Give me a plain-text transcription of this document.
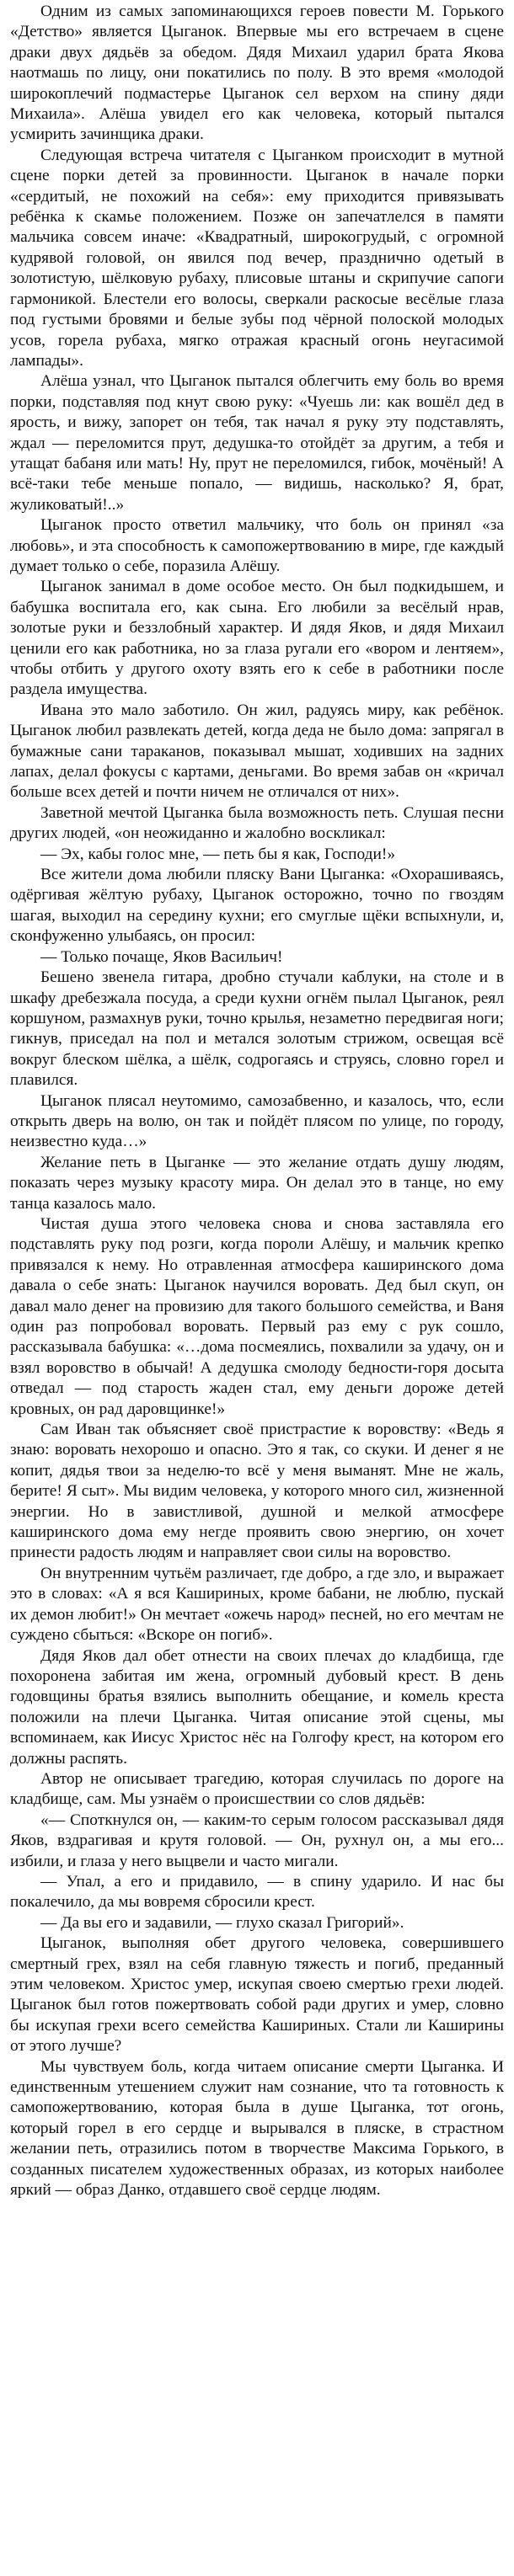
Одним из самых запоминающихся героев повести М. Горького «Детство» является Цыганок. Впервые мы его встречаем в сцене драки двух дядьёв за обедом. Дядя Михаил ударил брата Якова наотмашь по лицу, они покатились по полу. В это время «молодой широкоплечий подмастерье Цыганок сел верхом на спину дяди Михаила». Алёша увидел его как человека, который пытался усмирить зачинщика драки.

Следующая встреча читателя с Цыганком происходит в мутной сцене порки детей за провинности. Цыганок в начале порки «сердитый, не похожий на себя»: ему приходится привязывать ребёнка к скамье положением. Позже он запечатлелся в памяти мальчика совсем иначе: «Квадратный, широкогрудый, с огромной кудрявой головой, он явился под вечер, празднично одетый в золотистую, шёлковую рубаху, плисовые штаны и скрипучие сапоги гармоникой. Блестели его волосы, сверкали раскосые весёлые глаза под густыми бровями и белые зубы под чёрной полоской молодых усов, горела рубаха, мягко отражая красный огонь неугасимой лампады».

Алёша узнал, что Цыганок пытался облегчить ему боль во время порки, подставляя под кнут свою руку: «Чуешь ли: как вошёл дед в ярость, и вижу, запорет он тебя, так начал я руку эту подставлять, ждал — переломится прут, дедушка-то отойдёт за другим, а тебя и утащат бабаня или мать! Ну, прут не переломился, гибок, мочёный! А всё-таки тебе меньше попало, — видишь, насколько? Я, брат, жуликоватый!..»

Цыганок просто ответил мальчику, что боль он принял «за любовь», и эта способность к самопожертвованию в мире, где каждый думает только о себе, поразила Алёшу.

Цыганок занимал в доме особое место. Он был подкидышем, и бабушка воспитала его, как сына. Его любили за весёлый нрав, золотые руки и беззлобный характер. И дядя Яков, и дядя Михаил ценили его как работника, но за глаза ругали его «вором и лентяем», чтобы отбить у другого охоту взять его к себе в работники после раздела имущества.

Ивана это мало заботило. Он жил, радуясь миру, как ребёнок. Цыганок любил развлекать детей, когда деда не было дома: запрягал в бумажные сани тараканов, показывал мышат, ходивших на задних лапах, делал фокусы с картами, деньгами. Во время забав он «кричал больше всех детей и почти ничем не отличался от них».

Заветной мечтой Цыганка была возможность петь. Слушая песни других людей, «он неожиданно и жалобно воскликал:

— Эх, кабы голос мне, — петь бы я как, Господи!»

Все жители дома любили пляску Вани Цыганка: «Охорашиваясь, одёргивая жёлтую рубаху, Цыганок осторожно, точно по гвоздям шагая, выходил на середину кухни; его смуглые щёки вспыхнули, и, сконфуженно улыбаясь, он просил:

— Только почаще, Яков Васильич!

Бешено звенела гитара, дробно стучали каблуки, на столе и в шкафу дребезжала посуда, а среди кухни огнём пылал Цыганок, реял коршуном, размахнув руки, точно крылья, незаметно передвигая ноги; гикнув, приседал на пол и метался золотым стрижом, освещая всё вокруг блеском шёлка, а шёлк, содрогаясь и струясь, словно горел и плавился.

Цыганок плясал неутомимо, самозабвенно, и казалось, что, если открыть дверь на волю, он так и пойдёт плясом по улице, по городу, неизвестно куда…»

Желание петь в Цыганке — это желание отдать душу людям, показать через музыку красоту мира. Он делал это в танце, но ему танца казалось мало.

Чистая душа этого человека снова и снова заставляла его подставлять руку под розги, когда пороли Алёшу, и мальчик крепко привязался к нему. Но отравленная атмосфера каширинского дома давала о себе знать: Цыганок научился воровать. Дед был скуп, он давал мало денег на провизию для такого большого семейства, и Ваня один раз попробовал воровать. Первый раз ему с рук сошло, рассказывала бабушка: «…дома посмеялись, похвалили за удачу, он и взял воровство в обычай! А дедушка смолоду бедности-горя досыта отведал — под старость жаден стал, ему деньги дороже детей кровных, он рад даровщинке!»

Сам Иван так объясняет своё пристрастие к воровству: «Ведь я знаю: воровать нехорошо и опасно. Это я так, со скуки. И денег я не копит, дядья твои за неделю-то всё у меня выманят. Мне не жаль, берите! Я сыт». Мы видим человека, у которого много сил, жизненной энергии. Но в завистливой, душной и мелкой атмосфере каширинского дома ему негде проявить свою энергию, он хочет принести радость людям и направляет свои силы на воровство.

Он внутренним чутьём различает, где добро, а где зло, и выражает это в словах: «А я вся Кашириных, кроме бабани, не люблю, пускай их демон любит!» Он мечтает «ожечь народ» песней, но его мечтам не суждено сбыться: «Вскоре он погиб».

Дядя Яков дал обет отнести на своих плечах до кладбища, где похоронена забитая им жена, огромный дубовый крест. В день годовщины братья взялись выполнить обещание, и комель креста положили на плечи Цыганка. Читая описание этой сцены, мы вспоминаем, как Иисус Христос нёс на Голгофу крест, на котором его должны распять.

Автор не описывает трагедию, которая случилась по дороге на кладбище, сам. Мы узнаём о происшествии со слов дядьёв:

«— Споткнулся он, — каким-то серым голосом рассказывал дядя Яков, вздрагивая и крутя головой. — Он, рухнул он, а мы его... избили, и глаза у него выцвели и часто мигали.

— Упал, а его и придавило, — в спину ударило. И нас бы покалечило, да мы вовремя сбросили крест.

— Да вы его и задавили, — глухо сказал Григорий».

Цыганок, выполняя обет другого человека, совершившего смертный грех, взял на себя главную тяжесть и погиб, преданный этим человеком. Христос умер, искупая своею смертью грехи людей. Цыганок был готов пожертвовать собой ради других и умер, словно бы искупая грехи всего семейства Кашириных. Стали ли Каширины от этого лучше?

Мы чувствуем боль, когда читаем описание смерти Цыганка. И единственным утешением служит нам сознание, что та готовность к самопожертвованию, которая была в душе Цыганка, тот огонь, который горел в его сердце и вырывался в пляске, в страстном желании петь, отразились потом в творчестве Максима Горького, в созданных писателем художественных образах, из которых наиболее яркий — образ Данко, отдавшего своё сердце людям.
